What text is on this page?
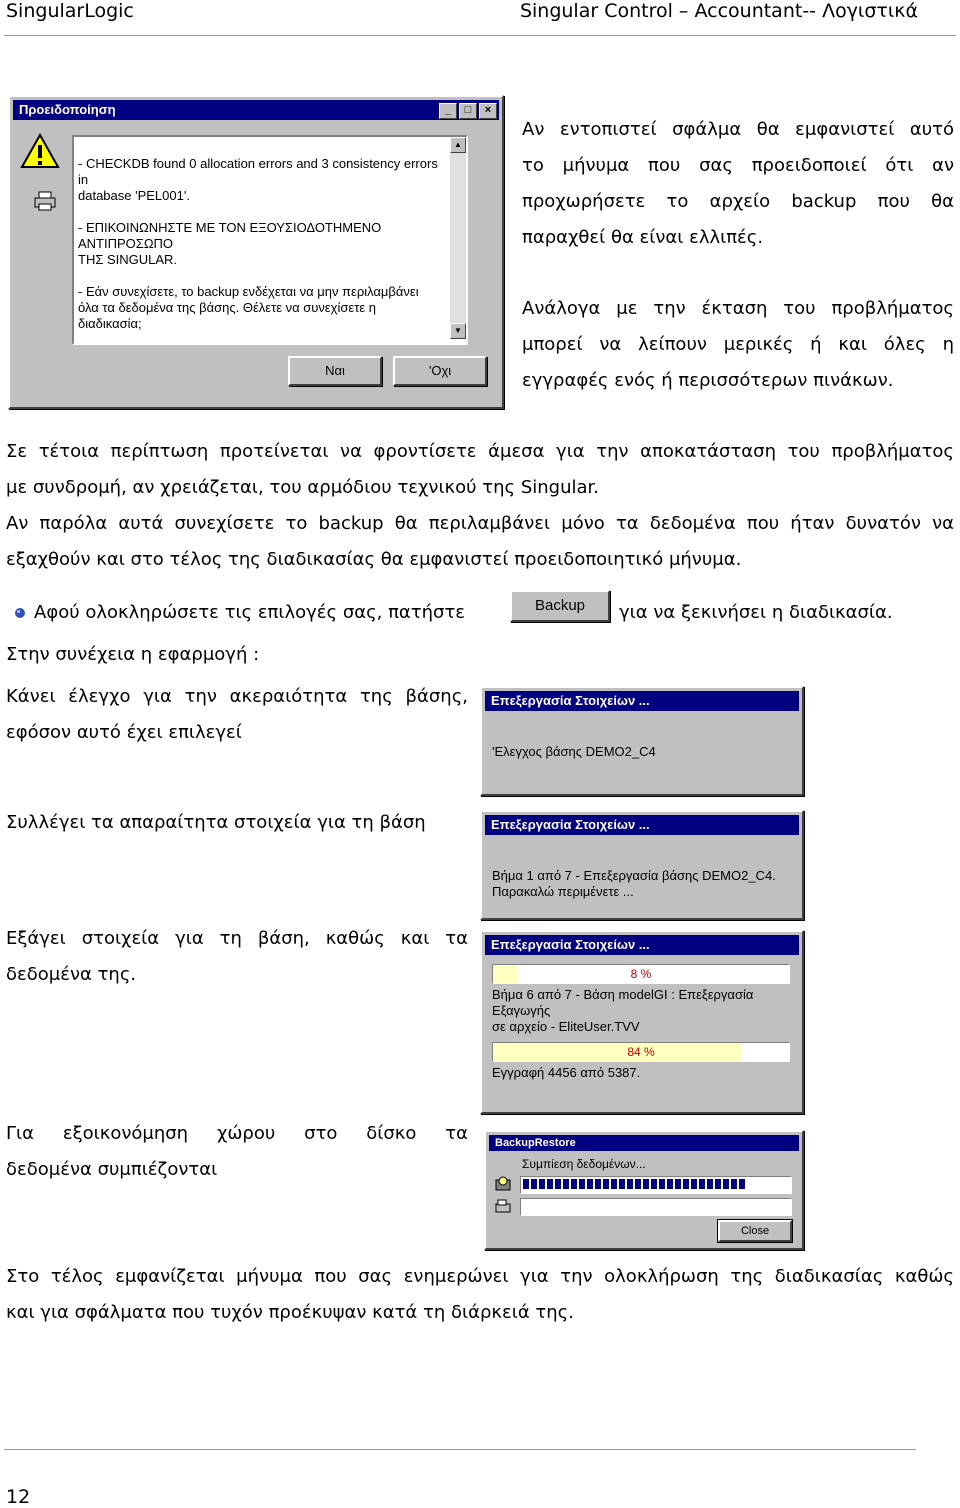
SingularLogic	Singular Control – Accountant-- Λογιστικά
Προειδοποίηση	_	□	×
- CHECKDB found 0 allocation errors and 3 consistency errors in
database 'PEL001'.
- ΕΠΙΚΟΙΝΩΝΗΣΤΕ ΜΕ ΤΟΝ ΕΞΟΥΣΙΟΔΟΤΗΜΕΝΟ ΑΝΤΙΠΡΟΣΩΠΟ
ΤΗΣ SINGULAR.
- Εάν συνεχίσετε, το backup ενδέχεται να μην περιλαμβάνει
όλα τα δεδομένα της βάσης. Θέλετε να συνεχίσετε η
διαδικασία;
▲
▼
Ναι	'Οχι
Αν εντοπιστεί σφάλμα θα εμφανιστεί αυτό
το μήνυμα που σας προειδοποιεί ότι αν
προχωρήσετε το αρχείο backup που θα
παραχθεί θα είναι ελλιπές.
Ανάλογα με την έκταση του προβλήματος
μπορεί να λείπουν μερικές ή και όλες η
εγγραφές ενός ή περισσότερων πινάκων.
Σε τέτοια περίπτωση προτείνεται να φροντίσετε άμεσα για την αποκατάσταση του προβλήματος
με συνδρομή, αν χρειάζεται, του αρμόδιου τεχνικού της Singular.
Αν παρόλα αυτά συνεχίσετε το backup θα περιλαμβάνει μόνο τα δεδομένα που ήταν δυνατόν να
εξαχθούν και στο τέλος της διαδικασίας θα εμφανιστεί προειδοποιητικό μήνυμα.
Αφού ολοκληρώσετε τις επιλογές σας, πατήστε	Backup	για να ξεκινήσει η διαδικασία.
Στην συνέχεια η εφαρμογή :
Κάνει έλεγχο για την ακεραιότητα της βάσης,
εφόσον αυτό έχει επιλεγεί
Επεξεργασία Στοιχείων ...
'Ελεγχος βάσης DEMO2_C4
Συλλέγει τα απαραίτητα στοιχεία για τη βάση	Επεξεργασία Στοιχείων ...
Βήμα 1 από 7 - Επεξεργασία βάσης DEMO2_C4.
Παρακαλώ περιμένετε ...
Εξάγει στοιχεία για τη βάση, καθώς και τα
δεδομένα της.
Επεξεργασία Στοιχείων ...
8 %
Βήμα 6 από 7 - Βάση modelGI : Επεξεργασία Εξαγωγής
σε αρχείο - EliteUser.TVV
84 %
Εγγραφή 4456 από 5387.
Για εξοικονόμηση χώρου στο δίσκο τα
δεδομένα συμπιέζονται
BackupRestore
Συμπίεση δεδομένων...
Close
Στο τέλος εμφανίζεται μήνυμα που σας ενημερώνει για την ολοκλήρωση της διαδικασίας καθώς
και για σφάλματα που τυχόν προέκυψαν κατά τη διάρκειά της.
12
